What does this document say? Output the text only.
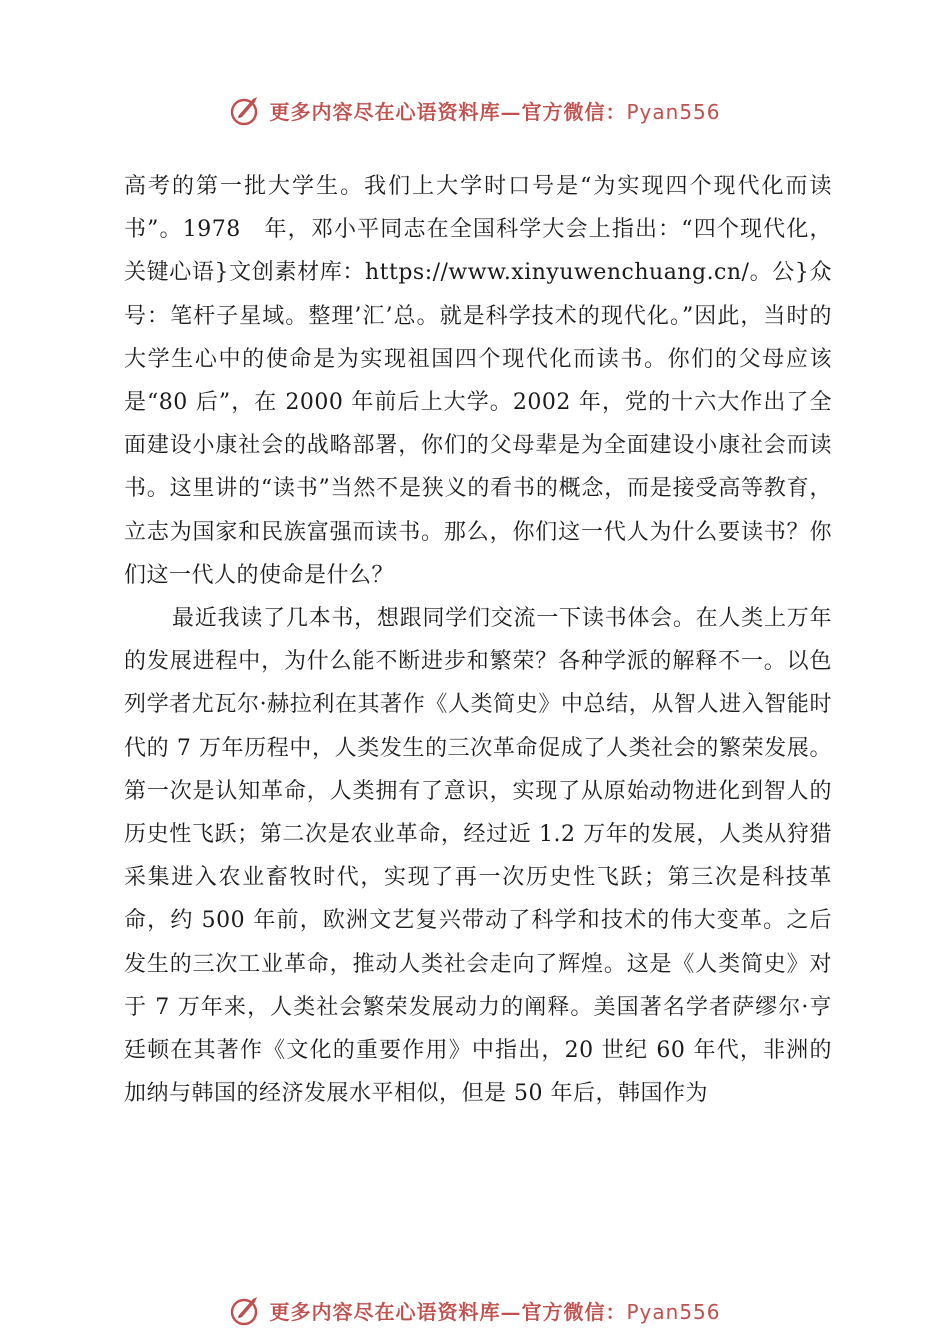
更多内容尽在心语资料库—官方微信：Pyan556

高考的第一批大学生。我们上大学时口号是“为实现四个现代化而读书”。1978　年，邓小平同志在全国科学大会上指出：“四个现代化，关键心语}文创素材库：https://www.xinyuwenchuang.cn/。公}众号：笔杆子星域。整理’汇’总。就是科学技术的现代化。”因此，当时的大学生心中的使命是为实现祖国四个现代化而读书。你们的父母应该是“80 后”，在 2000 年前后上大学。2002 年，党的十六大作出了全面建设小康社会的战略部署，你们的父母辈是为全面建设小康社会而读书。这里讲的“读书”当然不是狭义的看书的概念，而是接受高等教育，立志为国家和民族富强而读书。那么，你们这一代人为什么要读书？你们这一代人的使命是什么？

最近我读了几本书，想跟同学们交流一下读书体会。在人类上万年的发展进程中，为什么能不断进步和繁荣？各种学派的解释不一。以色列学者尤瓦尔·赫拉利在其著作《人类简史》中总结，从智人进入智能时代的 7 万年历程中，人类发生的三次革命促成了人类社会的繁荣发展。第一次是认知革命，人类拥有了意识，实现了从原始动物进化到智人的历史性飞跃；第二次是农业革命，经过近 1.2 万年的发展，人类从狩猎采集进入农业畜牧时代，实现了再一次历史性飞跃；第三次是科技革命，约 500 年前，欧洲文艺复兴带动了科学和技术的伟大变革。之后发生的三次工业革命，推动人类社会走向了辉煌。这是《人类简史》对于 7 万年来，人类社会繁荣发展动力的阐释。美国著名学者萨缪尔·亨廷顿在其著作《文化的重要作用》中指出，20 世纪 60 年代，非洲的加纳与韩国的经济发展水平相似，但是 50 年后，韩国作为

更多内容尽在心语资料库—官方微信：Pyan556
